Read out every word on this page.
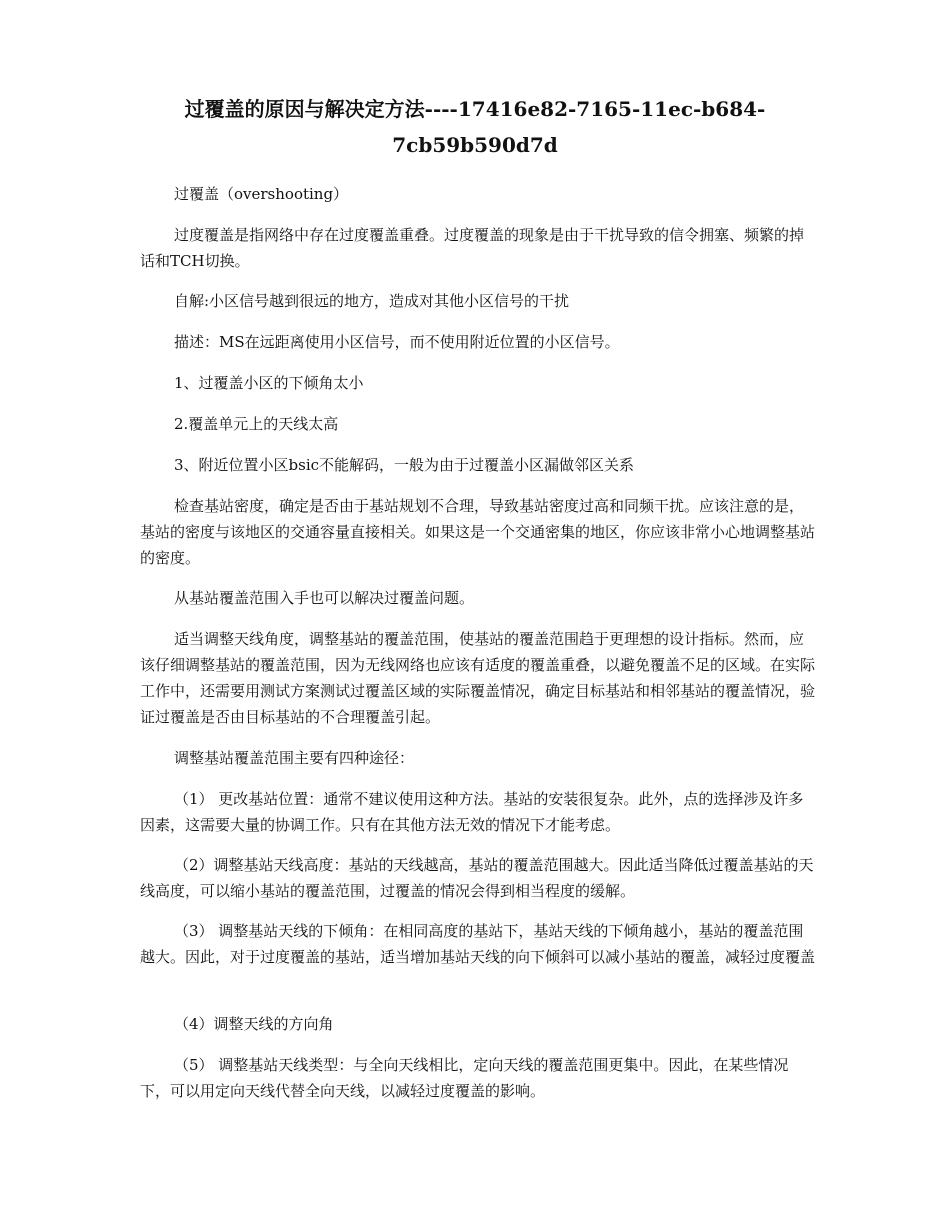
过覆盖的原因与解决定方法----17416e82-7165-11ec-b684-
7cb59b590d7d

过覆盖（overshooting）

过度覆盖是指网络中存在过度覆盖重叠。过度覆盖的现象是由于干扰导致的信令拥塞、频繁的掉话和TCH切换。

自解:小区信号越到很远的地方，造成对其他小区信号的干扰

描述：MS在远距离使用小区信号，而不使用附近位置的小区信号。

1、过覆盖小区的下倾角太小

2.覆盖单元上的天线太高

3、附近位置小区bsic不能解码，一般为由于过覆盖小区漏做邻区关系

检查基站密度，确定是否由于基站规划不合理，导致基站密度过高和同频干扰。应该注意的是，基站的密度与该地区的交通容量直接相关。如果这是一个交通密集的地区，你应该非常小心地调整基站的密度。

从基站覆盖范围入手也可以解决过覆盖问题。

适当调整天线角度，调整基站的覆盖范围，使基站的覆盖范围趋于更理想的设计指标。然而，应该仔细调整基站的覆盖范围，因为无线网络也应该有适度的覆盖重叠，以避免覆盖不足的区域。在实际工作中，还需要用测试方案测试过覆盖区域的实际覆盖情况，确定目标基站和相邻基站的覆盖情况，验证过覆盖是否由目标基站的不合理覆盖引起。

调整基站覆盖范围主要有四种途径：

（1） 更改基站位置：通常不建议使用这种方法。基站的安装很复杂。此外，点的选择涉及许多因素，这需要大量的协调工作。只有在其他方法无效的情况下才能考虑。

（2）调整基站天线高度：基站的天线越高，基站的覆盖范围越大。因此适当降低过覆盖基站的天线高度，可以缩小基站的覆盖范围，过覆盖的情况会得到相当程度的缓解。

（3） 调整基站天线的下倾角：在相同高度的基站下，基站天线的下倾角越小，基站的覆盖范围越大。因此，对于过度覆盖的基站，适当增加基站天线的向下倾斜可以减小基站的覆盖，减轻过度覆盖

（4）调整天线的方向角

（5） 调整基站天线类型：与全向天线相比，定向天线的覆盖范围更集中。因此，在某些情况下，可以用定向天线代替全向天线，以减轻过度覆盖的影响。
